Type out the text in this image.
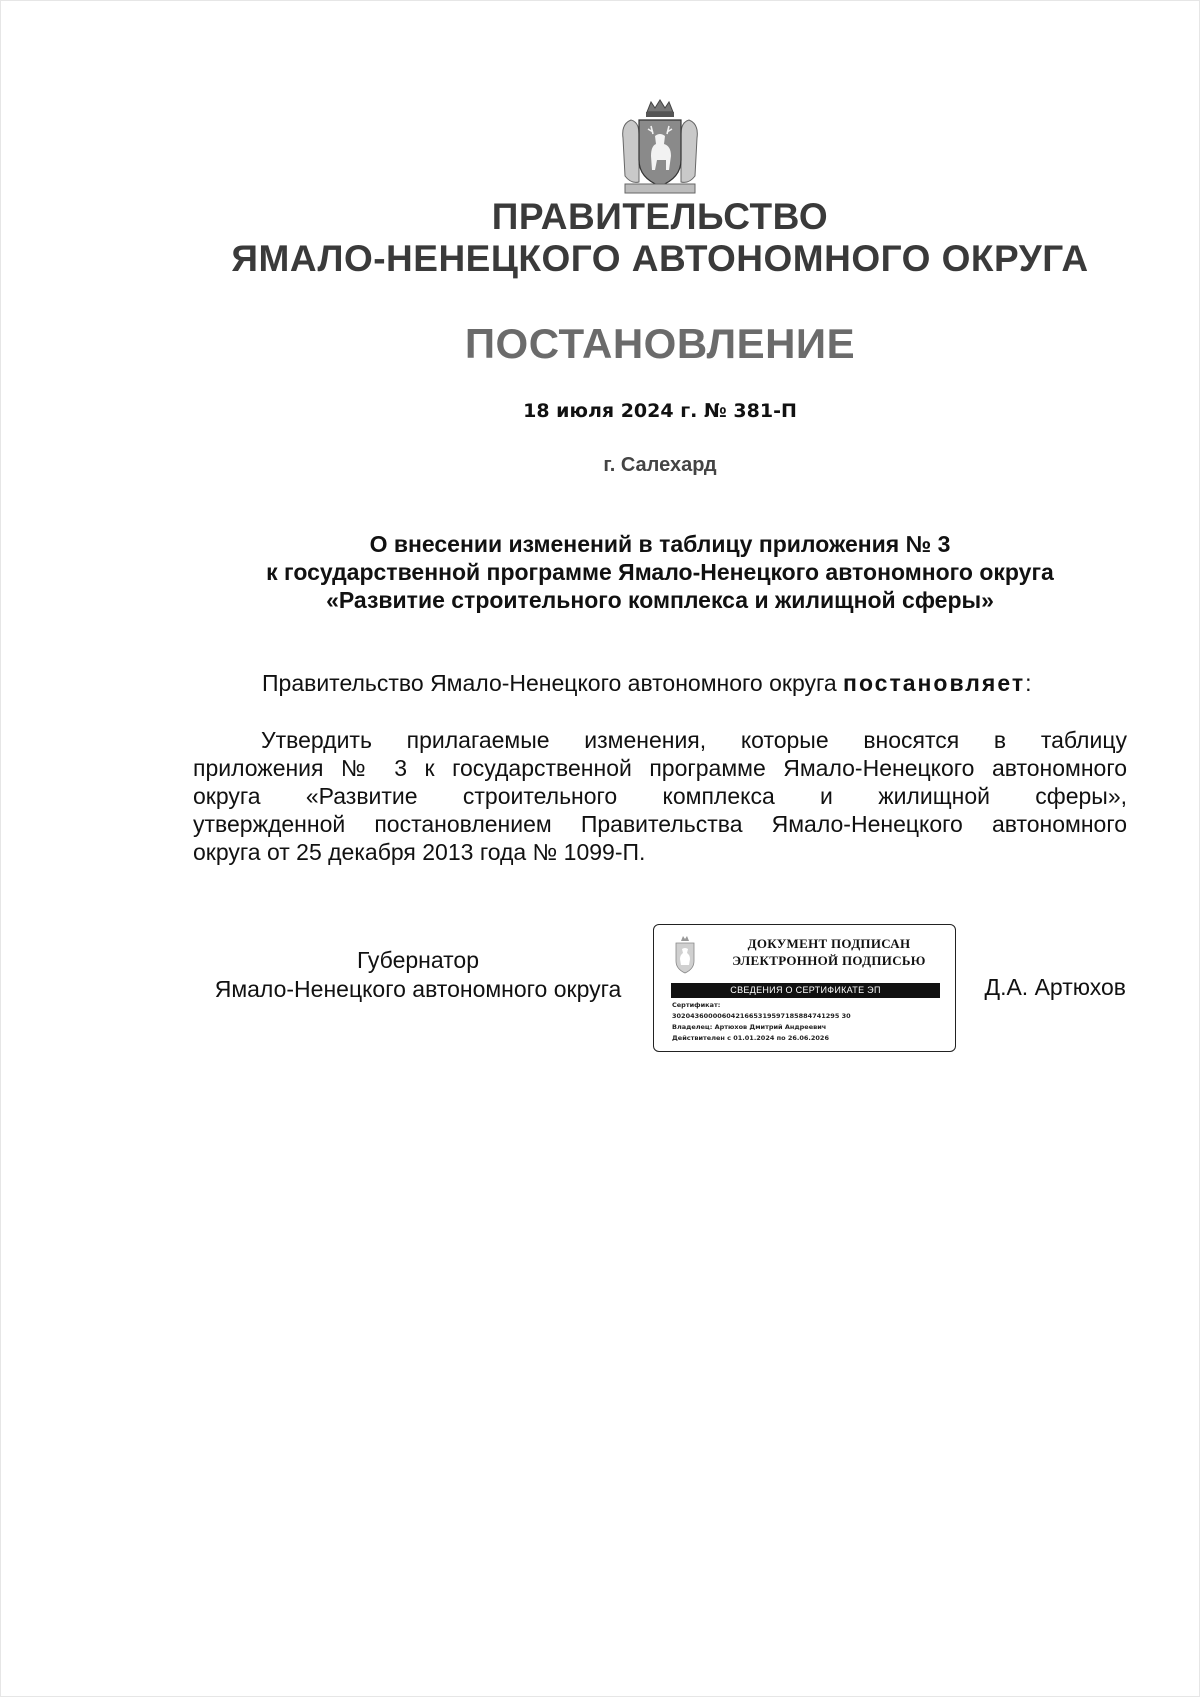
ПРАВИТЕЛЬСТВО
ЯМАЛО-НЕНЕЦКОГО АВТОНОМНОГО ОКРУГА
ПОСТАНОВЛЕНИЕ
18 июля 2024 г. № 381-П
г. Салехард
О внесении изменений в таблицу приложения № 3
к государственной программе Ямало-Ненецкого автономного округа
«Развитие строительного комплекса и жилищной сферы»
Правительство Ямало-Ненецкого автономного округа постановляет:
Утвердить прилагаемые изменения, которые вносятся в таблицу
приложения № 3 к государственной программе Ямало-Ненецкого автономного
округа «Развитие строительного комплекса и жилищной сферы»,
утвержденной постановлением Правительства Ямало-Ненецкого автономного
округа от 25 декабря 2013 года № 1099-П.
Губернатор
Ямало-Ненецкого автономного округа
ДОКУМЕНТ ПОДПИСАН
ЭЛЕКТРОННОЙ ПОДПИСЬЮ
СВЕДЕНИЯ О СЕРТИФИКАТЕ ЭП
Сертификат:
3020436000060421665319597185884741295 30
Владелец: Артюхов Дмитрий Андреевич
Действителен с 01.01.2024 по 26.06.2026
Д.А. Артюхов
